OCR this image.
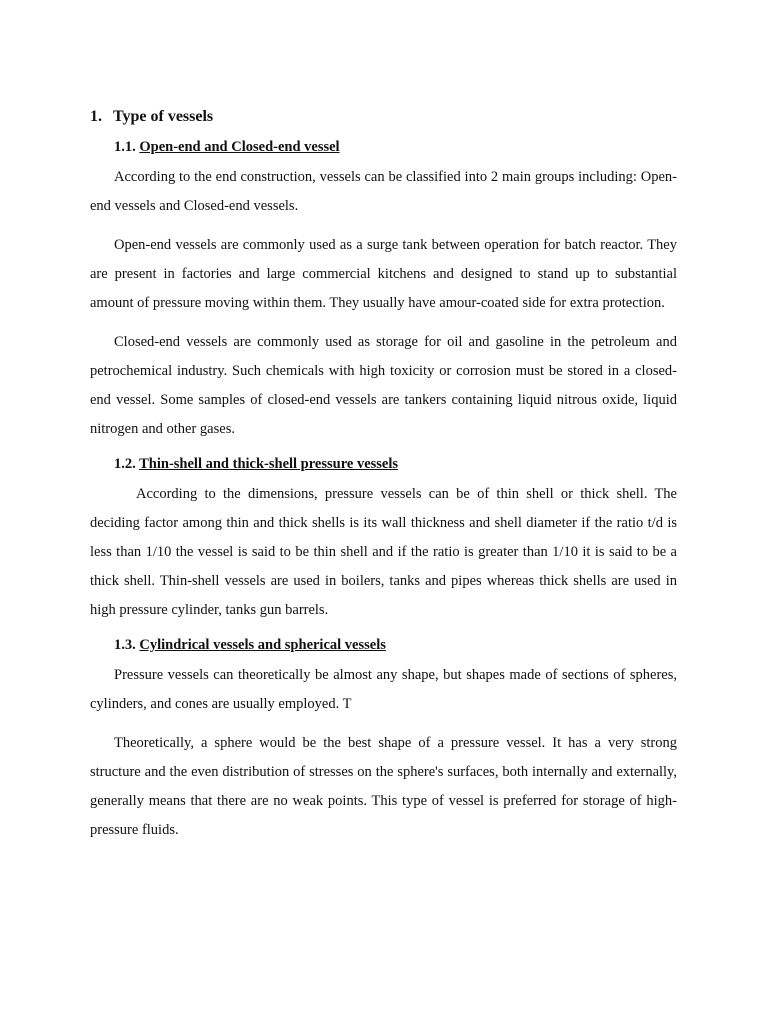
1. Type of vessels
1.1. Open-end and Closed-end vessel

According to the end construction, vessels can be classified into 2 main groups including: Open-end vessels and Closed-end vessels.

Open-end vessels are commonly used as a surge tank between operation for batch reactor. They are present in factories and large commercial kitchens and designed to stand up to substantial amount of pressure moving within them. They usually have amour-coated side for extra protection.

Closed-end vessels are commonly used as storage for oil and gasoline in the petroleum and petrochemical industry. Such chemicals with high toxicity or corrosion must be stored in a closed-end vessel. Some samples of closed-end vessels are tankers containing liquid nitrous oxide, liquid nitrogen and other gases.

1.2. Thin-shell and thick-shell pressure vessels

According to the dimensions, pressure vessels can be of thin shell or thick shell. The deciding factor among thin and thick shells is its wall thickness and shell diameter if the ratio t/d is less than 1/10 the vessel is said to be thin shell and if the ratio is greater than 1/10 it is said to be a thick shell. Thin-shell vessels are used in boilers, tanks and pipes whereas thick shells are used in high pressure cylinder, tanks gun barrels.

1.3. Cylindrical vessels and spherical vessels

Pressure vessels can theoretically be almost any shape, but shapes made of sections of spheres, cylinders, and cones are usually employed. T

Theoretically, a sphere would be the best shape of a pressure vessel. It has a very strong structure and the even distribution of stresses on the sphere's surfaces, both internally and externally, generally means that there are no weak points. This type of vessel is preferred for storage of high-pressure fluids.
